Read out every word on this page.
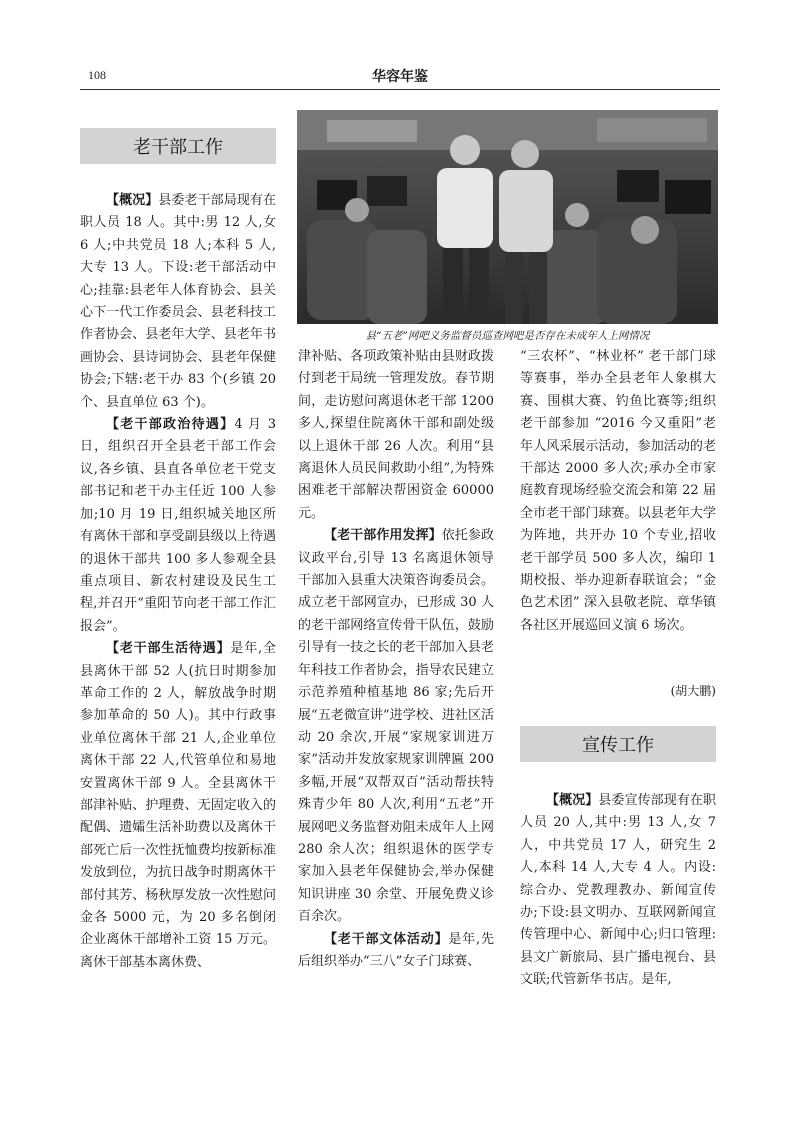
108	华容年鉴
老干部工作

【概况】县委老干部局现有在职人员 18 人。其中:男 12 人,女 6 人;中共党员 18 人;本科 5 人,大专 13 人。下设:老干部活动中心;挂靠:县老年人体育协会、县关心下一代工作委员会、县老科技工作者协会、县老年大学、县老年书画协会、县诗词协会、县老年保健协会;下辖:老干办 83 个(乡镇 20 个、县直单位 63 个)。

【老干部政治待遇】4 月 3 日，组织召开全县老干部工作会议,各乡镇、县直各单位老干党支部书记和老干办主任近 100 人参加;10 月 19 日,组织城关地区所有离休干部和享受副县级以上待遇的退休干部共 100 多人参观全县重点项目、新农村建设及民生工程,并召开“重阳节向老干部工作汇报会”。

【老干部生活待遇】是年,全县离休干部 52 人(抗日时期参加革命工作的 2 人，解放战争时期参加革命的 50 人)。其中行政事业单位离休干部 21 人,企业单位离休干部 22 人,代管单位和易地安置离休干部 9 人。全县离休干部津补贴、护理费、无固定收入的配偶、遗孀生活补助费以及离休干部死亡后一次性抚恤费均按新标准发放到位，为抗日战争时期离休干部付其芳、杨秋厚发放一次性慰问金各 5000 元，为 20 多名倒闭企业离休干部增补工资 15 万元。离休干部基本离休费、

县“五老”网吧义务监督员巡查网吧是否存在未成年人上网情况

津补贴、各项政策补贴由县财政拨付到老干局统一管理发放。春节期间，走访慰问离退休老干部 1200 多人,探望住院离休干部和副处级以上退休干部 26 人次。利用“县离退休人员民间救助小组”,为特殊困难老干部解决帮困资金 60000 元。

【老干部作用发挥】依托参政议政平台,引导 13 名离退休领导干部加入县重大决策咨询委员会。成立老干部网宣办，已形成 30 人的老干部网络宣传骨干队伍，鼓励引导有一技之长的老干部加入县老年科技工作者协会，指导农民建立示范养殖种植基地 86 家;先后开展“五老微宣讲”进学校、进社区活动 20 余次,开展“家规家训进万家”活动并发放家规家训牌匾 200 多幅,开展“双帮双百”活动帮扶特殊青少年 80 人次,利用“五老”开展网吧义务监督劝阻未成年人上网 280 余人次；组织退休的医学专家加入县老年保健协会,举办保健知识讲座 30 余堂、开展免费义诊百余次。

【老干部文体活动】是年,先后组织举办“三八”女子门球赛、

“三农杯”、“林业杯” 老干部门球等赛事，举办全县老年人象棋大赛、围棋大赛、钓鱼比赛等;组织老干部参加 “2016 今又重阳”老年人风采展示活动，参加活动的老干部达 2000 多人次;承办全市家庭教育现场经验交流会和第 22 届全市老干部门球赛。以县老年大学为阵地，共开办 10 个专业,招收老干部学员 500 多人次，编印 1 期校报、举办迎新春联谊会；“金色艺术团” 深入县敬老院、章华镇各社区开展巡回义演 6 场次。

(胡大鹏)
宣传工作

【概况】县委宣传部现有在职人员 20 人,其中:男 13 人,女 7 人，中共党员 17 人，研究生 2 人,本科 14 人,大专 4 人。内设:综合办、党教理教办、新闻宣传办;下设:县文明办、互联网新闻宣传管理中心、新闻中心;归口管理:县文广新旅局、县广播电视台、县文联;代管新华书店。是年,
